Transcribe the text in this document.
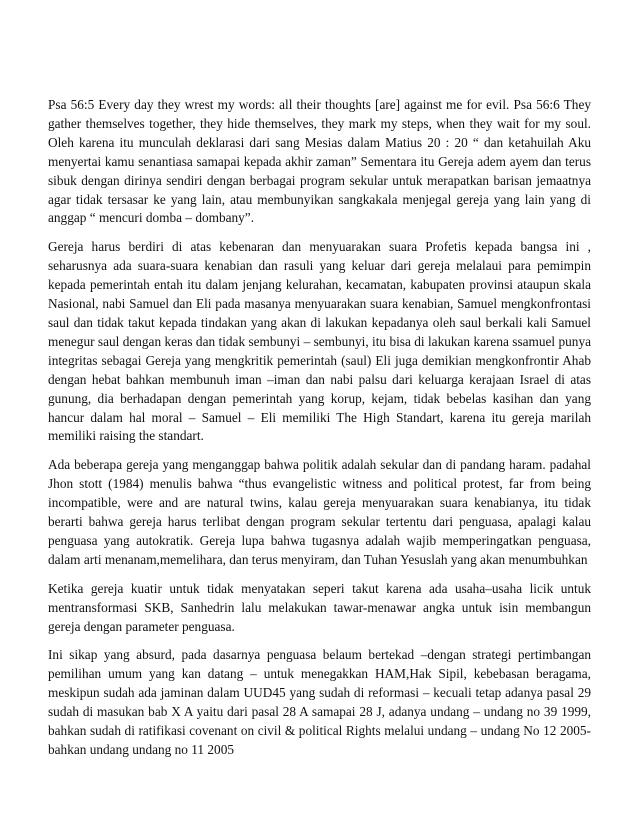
Psa 56:5 Every day they wrest my words: all their thoughts [are] against me for evil. Psa 56:6 They gather themselves together, they hide themselves, they mark my steps, when they wait for my soul. Oleh karena itu munculah deklarasi dari sang Mesias dalam Matius 20 : 20 “ dan ketahuilah Aku menyertai kamu senantiasa samapai kepada akhir zaman” Sementara itu Gereja adem ayem dan terus sibuk dengan dirinya sendiri dengan berbagai program sekular untuk merapatkan barisan jemaatnya agar tidak tersasar ke yang lain, atau membunyikan sangkakala menjegal gereja yang lain yang di anggap “ mencuri domba – dombany”.

Gereja harus berdiri di atas kebenaran dan menyuarakan suara Profetis kepada bangsa ini , seharusnya ada suara-suara kenabian dan rasuli yang keluar dari gereja melalaui para pemimpin kepada pemerintah entah itu dalam jenjang kelurahan, kecamatan, kabupaten provinsi ataupun skala Nasional, nabi Samuel dan Eli pada masanya menyuarakan suara kenabian, Samuel mengkonfrontasi saul dan tidak takut kepada tindakan yang akan di lakukan kepadanya oleh saul berkali kali Samuel menegur saul dengan keras dan tidak sembunyi – sembunyi, itu bisa di lakukan karena ssamuel punya integritas sebagai Gereja yang mengkritik pemerintah (saul) Eli juga demikian mengkonfrontir Ahab dengan hebat bahkan membunuh iman –iman dan nabi palsu dari keluarga kerajaan Israel di atas gunung, dia berhadapan dengan pemerintah yang korup, kejam, tidak bebelas kasihan dan yang hancur dalam hal moral – Samuel – Eli memiliki The High Standart, karena itu gereja marilah memiliki raising the standart.

Ada beberapa gereja yang menganggap bahwa politik adalah sekular dan di pandang haram. padahal Jhon stott (1984) menulis bahwa “thus evangelistic witness and political protest, far from being incompatible, were and are natural twins, kalau gereja menyuarakan suara kenabianya, itu tidak berarti bahwa gereja harus terlibat dengan program sekular tertentu dari penguasa, apalagi kalau penguasa yang autokratik. Gereja lupa bahwa tugasnya adalah wajib memperingatkan penguasa, dalam arti menanam,memelihara, dan terus menyiram, dan Tuhan Yesuslah yang akan menumbuhkan

Ketika gereja kuatir untuk tidak menyatakan seperi takut karena ada usaha–usaha licik untuk mentransformasi SKB, Sanhedrin lalu melakukan tawar-menawar angka untuk isin membangun gereja dengan parameter penguasa.

Ini sikap yang absurd, pada dasarnya penguasa belaum bertekad –dengan strategi pertimbangan pemilihan umum yang kan datang – untuk menegakkan HAM,Hak Sipil, kebebasan beragama, meskipun sudah ada jaminan dalam UUD45 yang sudah di reformasi – kecuali tetap adanya pasal 29 sudah di masukan bab X A yaitu dari pasal 28 A samapai 28 J, adanya undang – undang no 39 1999, bahkan sudah di ratifikasi covenant on civil & political Rights melalui undang – undang No 12 2005- bahkan undang undang no 11 2005
